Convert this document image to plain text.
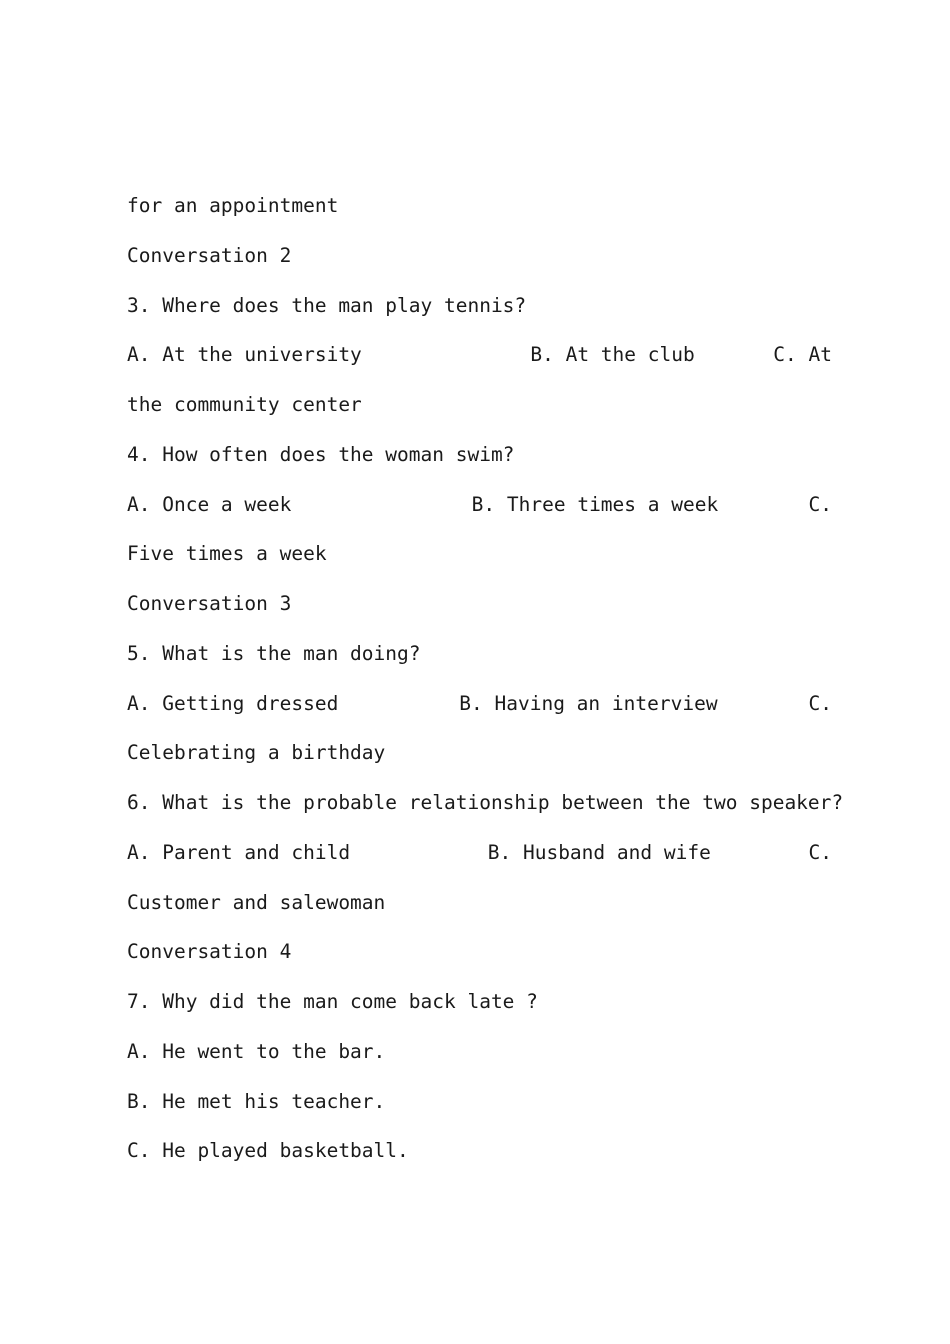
for an appointment
Conversation 2
3. Where does the man play tennis?
A. At the university	B. At the club	C. At
the community center
4. How often does the woman swim?
A. Once a week	B. Three times a week	C.
Five times a week
Conversation 3
5. What is the man doing?
A. Getting dressed	B. Having an interview	C.
Celebrating a birthday
6. What is the probable relationship between the two speaker?
A. Parent and child	B. Husband and wife	C.
Customer and salewoman
Conversation 4
7. Why did the man come back late ?
A. He went to the bar.
B. He met his teacher.
C. He played basketball.
